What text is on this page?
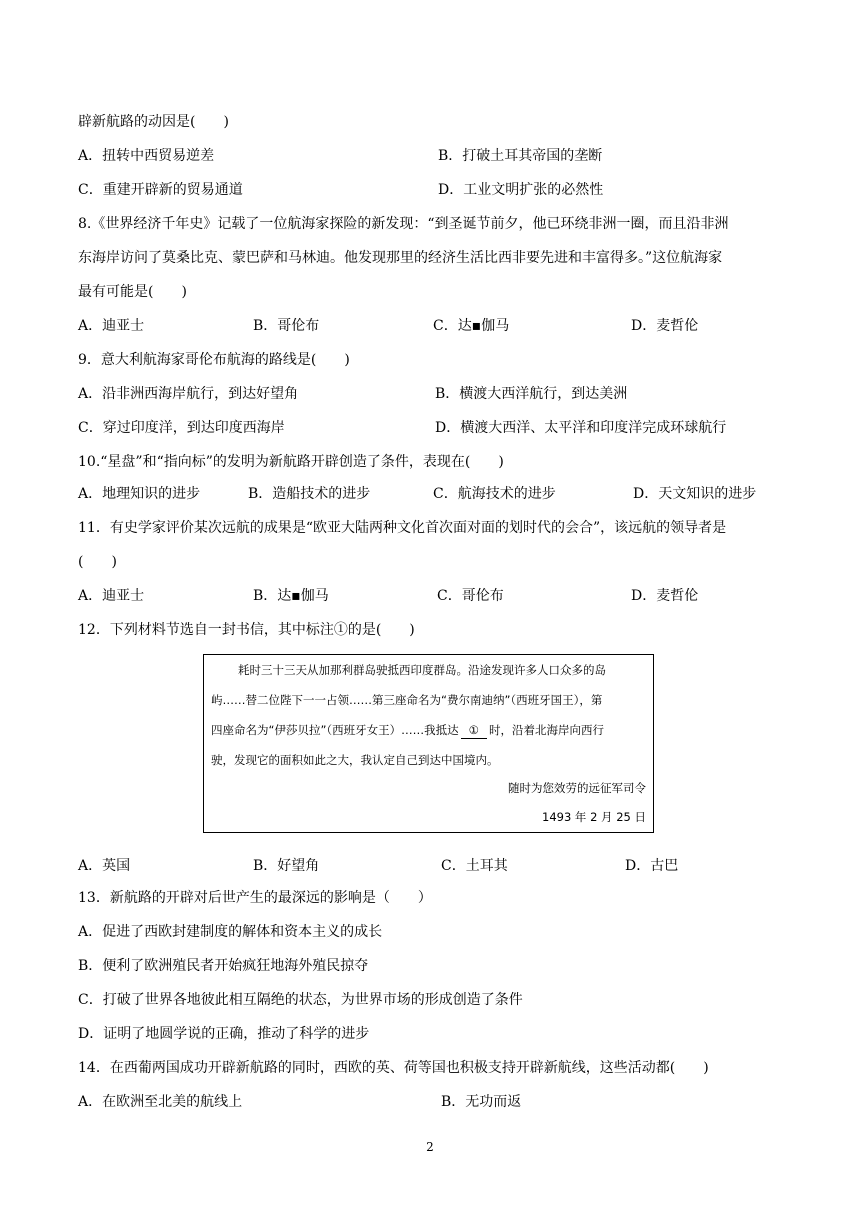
辟新航路的动因是(　　)
A．扭转中西贸易逆差	B．打破土耳其帝国的垄断
C．重建开辟新的贸易通道	D．工业文明扩张的必然性
8.《世界经济千年史》记载了一位航海家探险的新发现：“到圣诞节前夕，他已环绕非洲一圈，而且沿非洲
东海岸访问了莫桑比克、蒙巴萨和马林迪。他发现那里的经济生活比西非要先进和丰富得多。”这位航海家
最有可能是(　　)
A．迪亚士	B．哥伦布	C．达▪伽马	D．麦哲伦
9．意大利航海家哥伦布航海的路线是(　　)
A．沿非洲西海岸航行，到达好望角	B．横渡大西洋航行，到达美洲
C．穿过印度洋，到达印度西海岸	D．横渡大西洋、太平洋和印度洋完成环球航行
10.“星盘”和“指向标”的发明为新航路开辟创造了条件，表现在(　　)
A．地理知识的进步	B．造船技术的进步	C．航海技术的进步	D．天文知识的进步
11．有史学家评价某次远航的成果是“欧亚大陆两种文化首次面对面的划时代的会合”，该远航的领导者是
(　　)
A．迪亚士	B．达▪伽马	C．哥伦布	D．麦哲伦
12．下列材料节选自一封书信，其中标注①的是(　　)
耗时三十三天从加那利群岛驶抵西印度群岛。沿途发现许多人口众多的岛
屿……替二位陛下一一占领……第三座命名为“费尔南迪纳”（西班牙国王），第
四座命名为“伊莎贝拉”（西班牙女王）……我抵达 ① 时，沿着北海岸向西行
驶，发现它的面积如此之大，我认定自己到达中国境内。
随时为您效劳的远征军司令
1493 年 2 月 25 日
A．英国	B．好望角	C．土耳其	D．古巴
13．新航路的开辟对后世产生的最深远的影响是（　　）
A．促进了西欧封建制度的解体和资本主义的成长
B．便利了欧洲殖民者开始疯狂地海外殖民掠夺
C．打破了世界各地彼此相互隔绝的状态，为世界市场的形成创造了条件
D．证明了地圆学说的正确，推动了科学的进步
14．在西葡两国成功开辟新航路的同时，西欧的英、荷等国也积极支持开辟新航线，这些活动都(　　)
A．在欧洲至北美的航线上	B．无功而返
2
